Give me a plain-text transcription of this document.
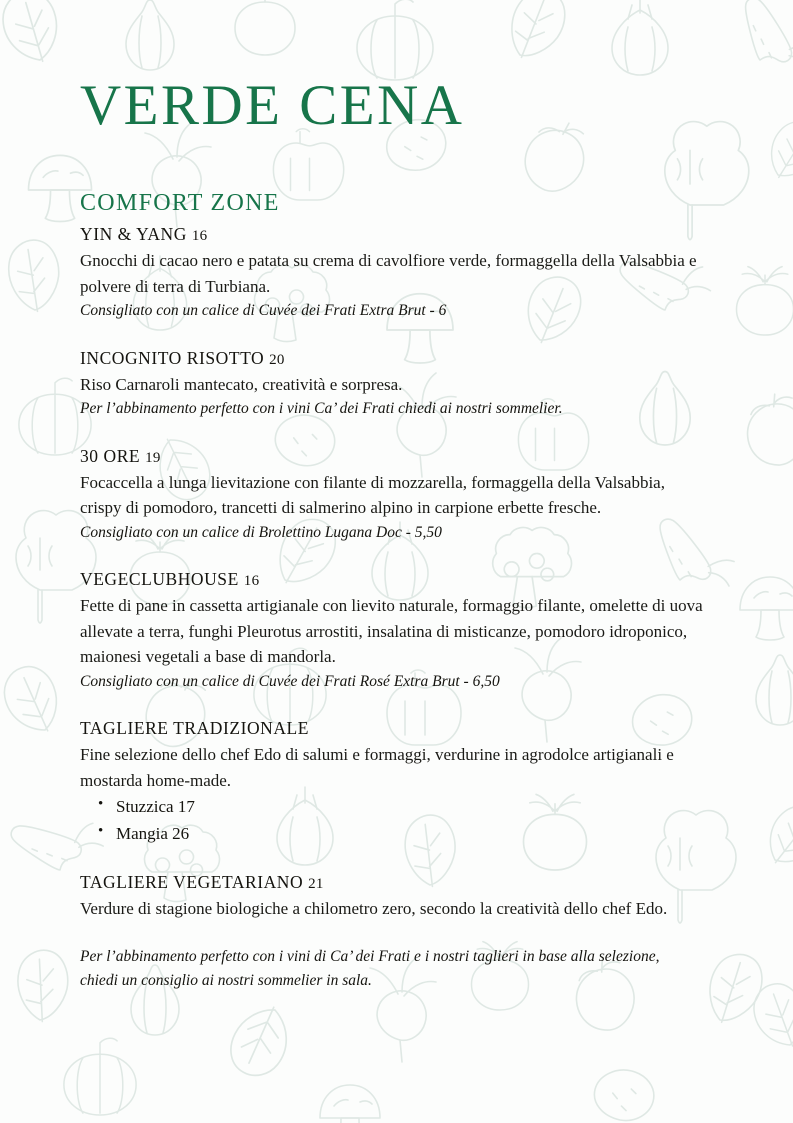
VERDE CENA
COMFORT ZONE
YIN & YANG 16

Gnocchi di cacao nero e patata su crema di cavolfiore verde, formaggella della Valsabbia e polvere di terra di Turbiana.

Consigliato con un calice di Cuvée dei Frati Extra Brut - 6

INCOGNITO RISOTTO 20

Riso Carnaroli mantecato, creatività e sorpresa.

Per l’abbinamento perfetto con i vini Ca’ dei Frati chiedi ai nostri sommelier.

30 ORE 19

Focaccella a lunga lievitazione con filante di mozzarella, formaggella della Valsabbia, crispy di pomodoro, trancetti di salmerino alpino in carpione erbette fresche.

Consigliato con un calice di Brolettino Lugana Doc - 5,50

VEGECLUBHOUSE 16

Fette di pane in cassetta artigianale con lievito naturale, formaggio filante, omelette di uova allevate a terra, funghi Pleurotus arrostiti, insalatina di misticanze, pomodoro idroponico, maionesi vegetali a base di mandorla.

Consigliato con un calice di Cuvée dei Frati Rosé Extra Brut - 6,50

TAGLIERE TRADIZIONALE

Fine selezione dello chef Edo di salumi e formaggi, verdurine in agrodolce artigianali e mostarda home-made.

• Stuzzica 17
• Mangia 26
TAGLIERE VEGETARIANO 21

Verdure di stagione biologiche a chilometro zero, secondo la creatività dello chef Edo.

Per l’abbinamento perfetto con i vini di Ca’ dei Frati e i nostri taglieri in base alla selezione, chiedi un consiglio ai nostri sommelier in sala.
